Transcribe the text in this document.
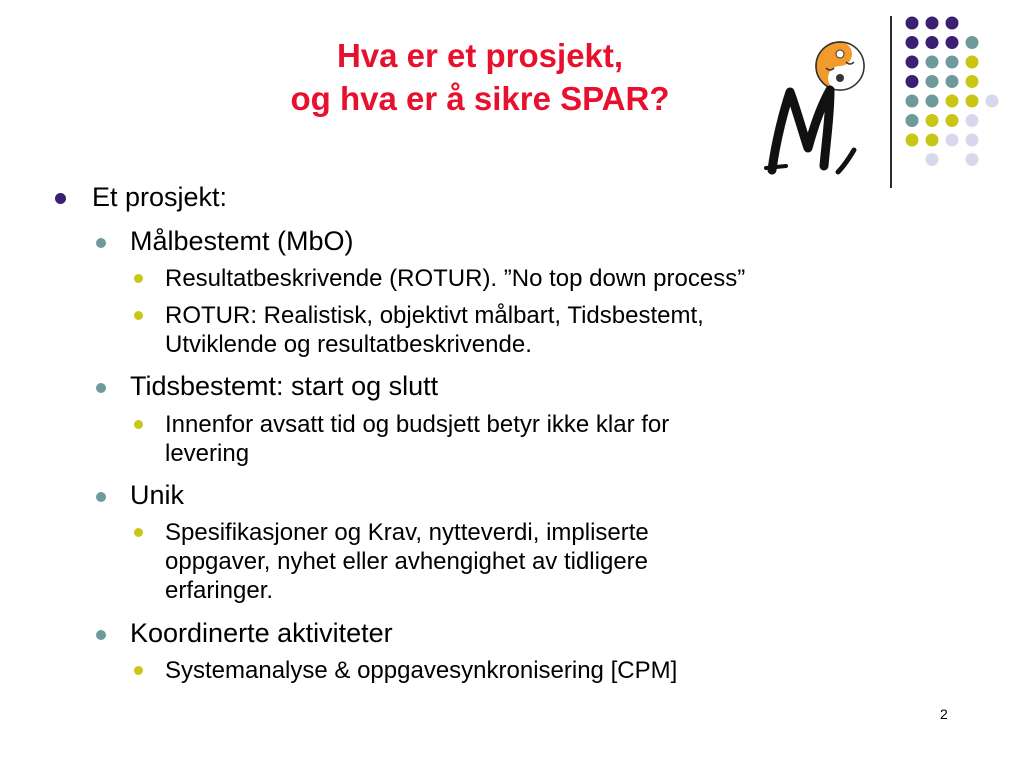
Hva er et prosjekt,
og hva er å sikre SPAR?
Et prosjekt:
Målbestemt (MbO)
Resultatbeskrivende (ROTUR). ”No top down process”
ROTUR: Realistisk, objektivt målbart, Tidsbestemt,
Utviklende og resultatbeskrivende.
Tidsbestemt: start og slutt
Innenfor avsatt tid og budsjett betyr ikke klar for
levering
Unik
Spesifikasjoner og Krav, nytteverdi, impliserte
oppgaver, nyhet eller avhengighet av tidligere
erfaringer.
Koordinerte aktiviteter
Systemanalyse & oppgavesynkronisering [CPM]
2
